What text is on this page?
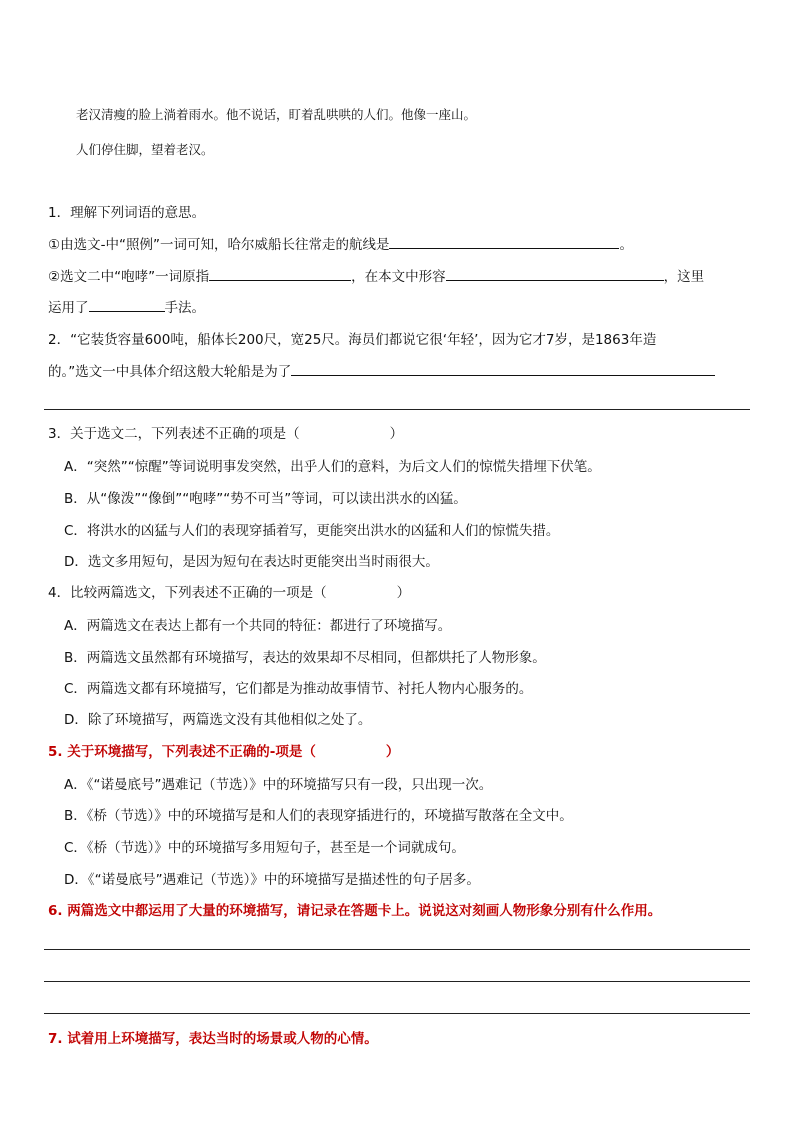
老汉清瘦的脸上淌着雨水。他不说话，盯着乱哄哄的人们。他像一座山。
人们停住脚，望着老汉。
1．理解下列词语的意思。
①由选文-中“照例”一词可知，哈尔威船长往常走的航线是	。
②选文二中“咆哮”一词原指	，在本文中形容	，这里
运用了	手法。
2．“它装货容量600吨，船体长200尺，宽25尺。海员们都说它很‘年轻’，因为它才7岁，是1863年造
的。”选文一中具体介绍这般大轮船是为了
3．关于选文二，下列表述不正确的项是（	）
A．“突然”“惊醒”等词说明事发突然，出乎人们的意料，为后文人们的惊慌失措埋下伏笔。
B．从“像泼”“像倒”“咆哮”“势不可当”等词，可以读出洪水的凶猛。
C．将洪水的凶猛与人们的表现穿插着写，更能突出洪水的凶猛和人们的惊慌失措。
D．选文多用短句，是因为短句在表达时更能突出当时雨很大。
4．比较两篇选文，下列表述不正确的一项是（	）
A．两篇选文在表达上都有一个共同的特征：都进行了环境描写。
B．两篇选文虽然都有环境描写，表达的效果却不尽相同，但都烘托了人物形象。
C．两篇选文都有环境描写，它们都是为推动故事情节、衬托人物内心服务的。
D．除了环境描写，两篇选文没有其他相似之处了。
5. 关于环境描写，下列表述不正确的-项是（	）
A．《“诺曼底号”遇难记（节选）》中的环境描写只有一段，只出现一次。
B．《桥（节选）》中的环境描写是和人们的表现穿插进行的，环境描写散落在全文中。
C．《桥（节选）》中的环境描写多用短句子，甚至是一个词就成句。
D．《“诺曼底号”遇难记（节选）》中的环境描写是描述性的句子居多。
6. 两篇选文中都运用了大量的环境描写，请记录在答题卡上。说说这对刻画人物形象分别有什么作用。
7. 试着用上环境描写，表达当时的场景或人物的心情。
